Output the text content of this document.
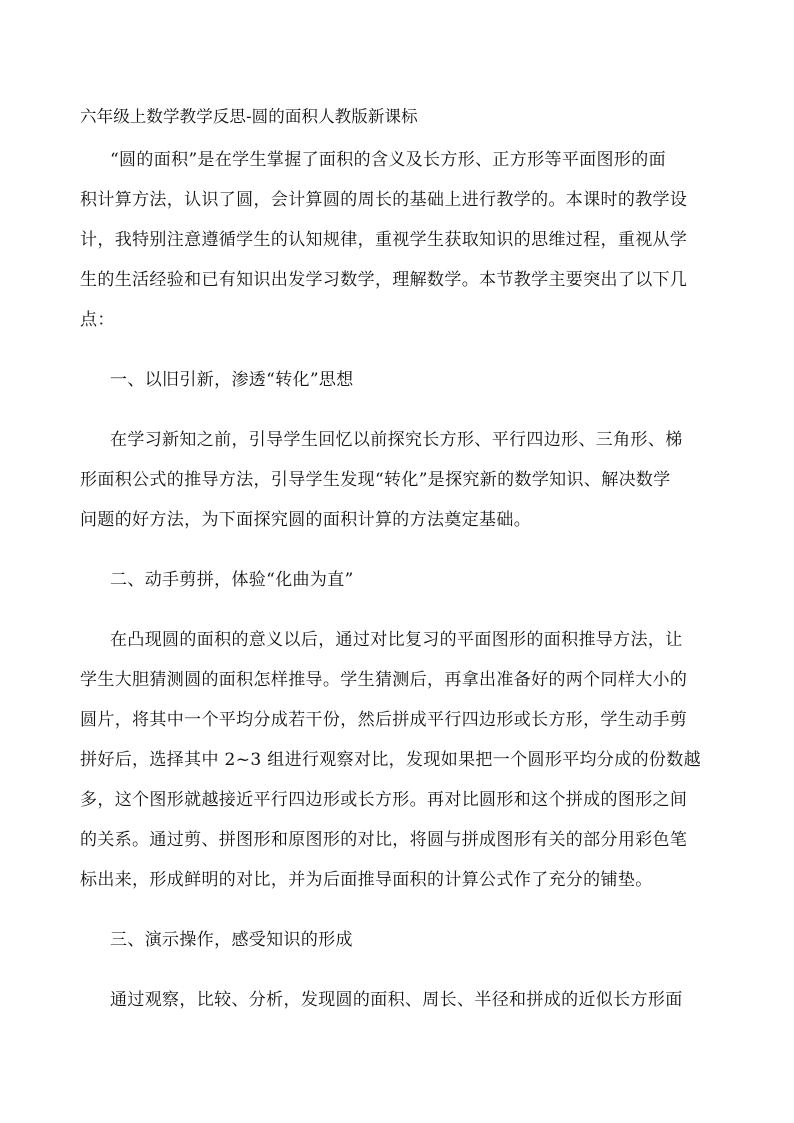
六年级上数学教学反思-圆的面积人教版新课标
“圆的面积”是在学生掌握了面积的含义及长方形、正方形等平面图形的面
积计算方法，认识了圆，会计算圆的周长的基础上进行教学的。本课时的教学设
计，我特别注意遵循学生的认知规律，重视学生获取知识的思维过程，重视从学
生的生活经验和已有知识出发学习数学，理解数学。本节教学主要突出了以下几
点：
一、以旧引新，渗透“转化”思想
在学习新知之前，引导学生回忆以前探究长方形、平行四边形、三角形、梯
形面积公式的推导方法，引导学生发现“转化”是探究新的数学知识、解决数学
问题的好方法，为下面探究圆的面积计算的方法奠定基础。
二、动手剪拼，体验“化曲为直”
在凸现圆的面积的意义以后，通过对比复习的平面图形的面积推导方法，让
学生大胆猜测圆的面积怎样推导。学生猜测后，再拿出准备好的两个同样大小的
圆片，将其中一个平均分成若干份，然后拼成平行四边形或长方形，学生动手剪
拼好后，选择其中 2~3 组进行观察对比，发现如果把一个圆形平均分成的份数越
多，这个图形就越接近平行四边形或长方形。再对比圆形和这个拼成的图形之间
的关系。通过剪、拼图形和原图形的对比，将圆与拼成图形有关的部分用彩色笔
标出来，形成鲜明的对比，并为后面推导面积的计算公式作了充分的铺垫。
三、演示操作，感受知识的形成
通过观察，比较、分析，发现圆的面积、周长、半径和拼成的近似长方形面
